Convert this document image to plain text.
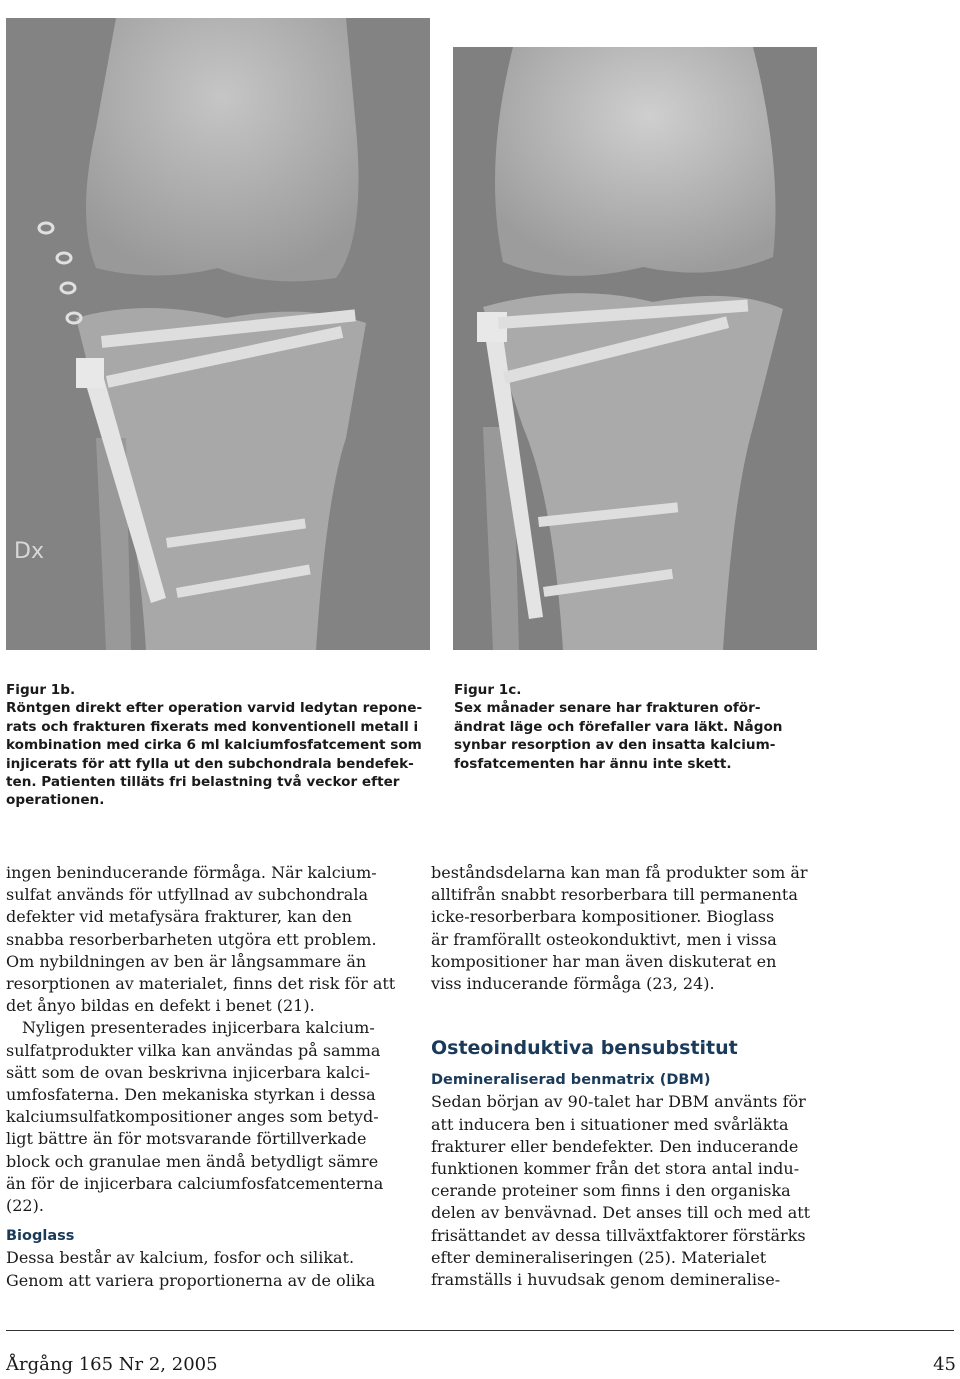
Dx
Figur 1b.
Röntgen direkt efter operation varvid ledytan repone-
rats och frakturen fixerats med konventionell metall i
kombination med cirka 6 ml kalciumfosfatcement som
injicerats för att fylla ut den subchondrala bendefek-
ten. Patienten tilläts fri belastning två veckor efter
operationen.
Figur 1c.
Sex månader senare har frakturen oför-
ändrat läge och förefaller vara läkt. Någon
synbar resorption av den insatta kalcium-
fosfatcementen har ännu inte skett.
ingen beninducerande förmåga. När kalcium-
sulfat används för utfyllnad av subchondrala
defekter vid metafysära frakturer, kan den
snabba resorberbarheten utgöra ett problem.
Om nybildningen av ben är långsammare än
resorptionen av materialet, finns det risk för att
det ånyo bildas en defekt i benet (21).
Nyligen presenterades injicerbara kalcium-
sulfatprodukter vilka kan användas på samma
sätt som de ovan beskrivna injicerbara kalci-
umfosfaterna. Den mekaniska styrkan i dessa
kalciumsulfatkompositioner anges som betyd-
ligt bättre än för motsvarande förtillverkade
block och granulae men ändå betydligt sämre
än för de injicerbara calciumfosfatcementerna
(22).
Bioglass
Dessa består av kalcium, fosfor och silikat.
Genom att variera proportionerna av de olika
beståndsdelarna kan man få produkter som är
alltifrån snabbt resorberbara till permanenta
icke-resorberbara kompositioner. Bioglass
är framförallt osteokonduktivt, men i vissa
kompositioner har man även diskuterat en
viss inducerande förmåga (23, 24).
Osteoinduktiva bensubstitut
Demineraliserad benmatrix (DBM)
Sedan början av 90-talet har DBM använts för
att inducera ben i situationer med svårläkta
frakturer eller bendefekter. Den inducerande
funktionen kommer från det stora antal indu-
cerande proteiner som finns i den organiska
delen av benvävnad. Det anses till och med att
frisättandet av dessa tillväxtfaktorer förstärks
efter demineraliseringen (25). Materialet
framställs i huvudsak genom demineralise-
Årgång 165 Nr 2, 2005	45
